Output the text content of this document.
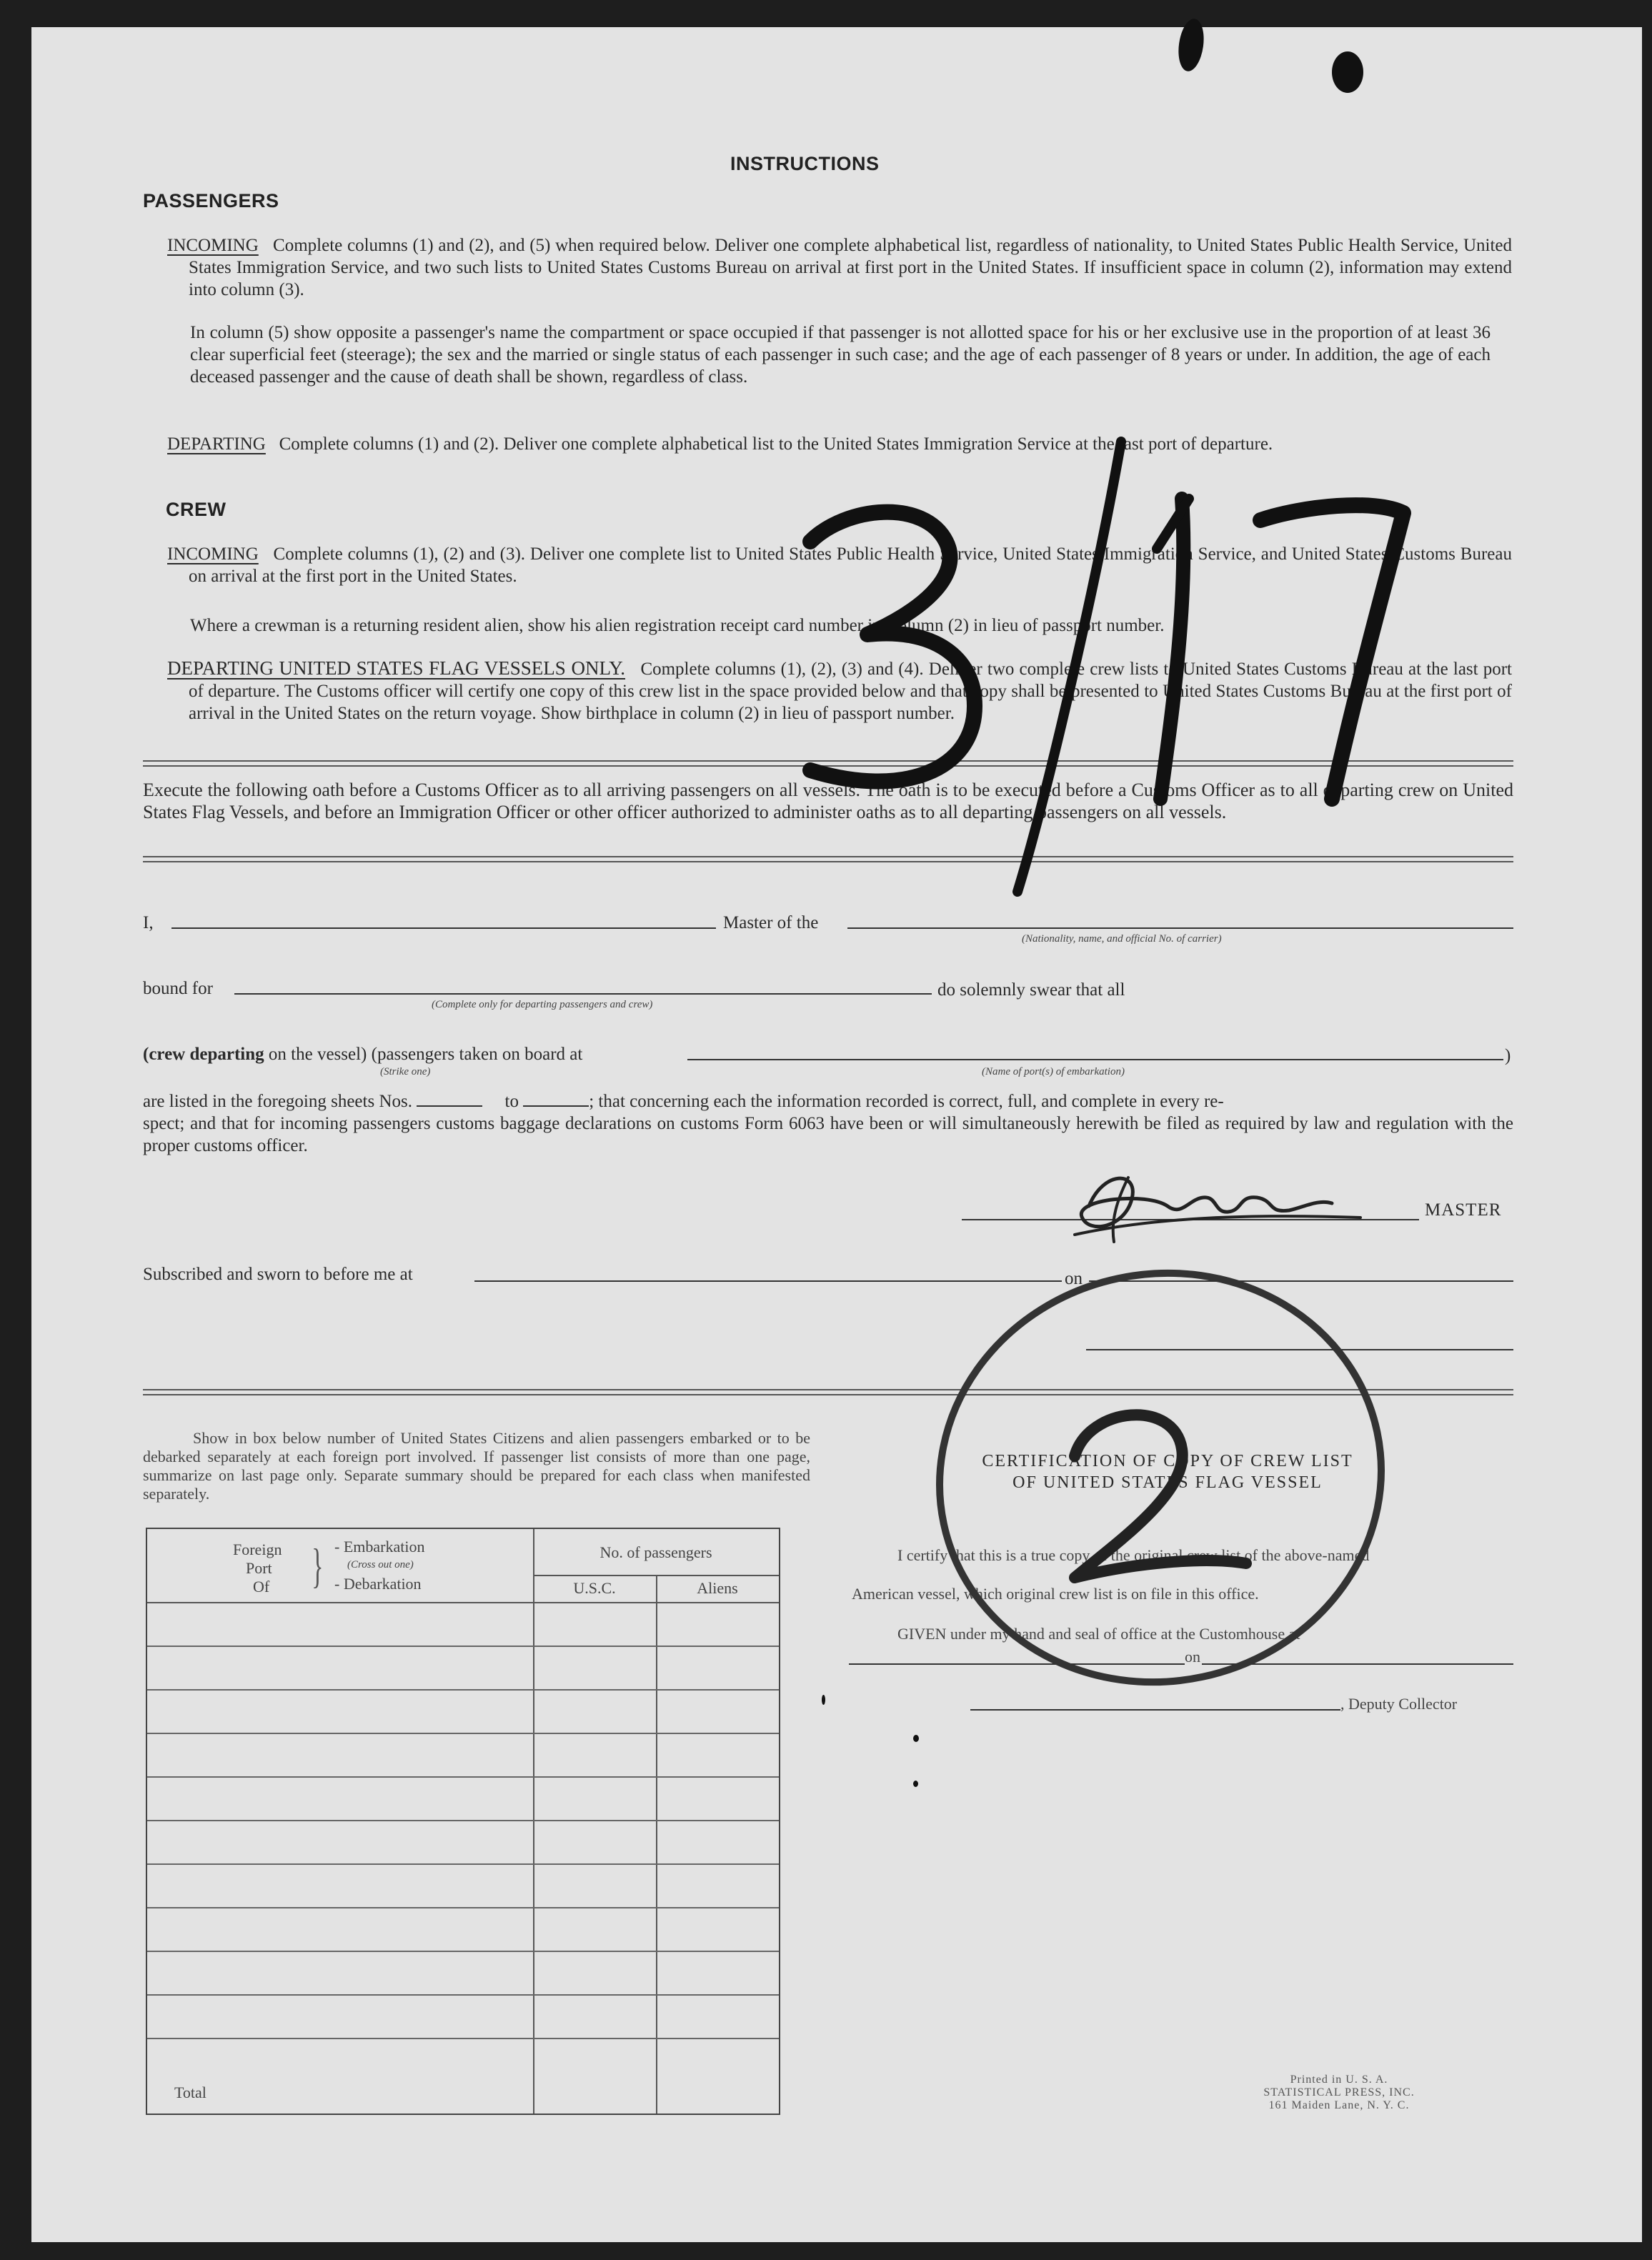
INSTRUCTIONS
PASSENGERS
INCOMING Complete columns (1) and (2), and (5) when required below. Deliver one complete alphabetical list, regardless of nationality, to United States Public Health Service, United States Immigration Service, and two such lists to United States Customs Bureau on arrival at first port in the United States. If insufficient space in column (2), information may extend into column (3).
In column (5) show opposite a passenger's name the compartment or space occupied if that passenger is not allotted space for his or her exclusive use in the proportion of at least 36 clear superficial feet (steerage); the sex and the married or single status of each passenger in such case; and the age of each passenger of 8 years or under. In addition, the age of each deceased passenger and the cause of death shall be shown, regardless of class.
DEPARTING Complete columns (1) and (2). Deliver one complete alphabetical list to the United States Immigration Service at the last port of departure.
CREW
INCOMING Complete columns (1), (2) and (3). Deliver one complete list to United States Public Health Service, United States Immigration Service, and United States Customs Bureau on arrival at the first port in the United States.
Where a crewman is a returning resident alien, show his alien registration receipt card number in Column (2) in lieu of passport number.
DEPARTING UNITED STATES FLAG VESSELS ONLY. Complete columns (1), (2), (3) and (4). Deliver two complete crew lists to United States Customs Bureau at the last port of departure. The Customs officer will certify one copy of this crew list in the space provided below and that copy shall be presented to United States Customs Bureau at the first port of arrival in the United States on the return voyage. Show birthplace in column (2) in lieu of passport number.
Execute the following oath before a Customs Officer as to all arriving passengers on all vessels. The oath is to be executed before a Customs Officer as to all departing crew on United States Flag Vessels, and before an Immigration Officer or other officer authorized to administer oaths as to all departing passengers on all vessels.
I,	Master of the
(Nationality, name, and official No. of carrier)
bound for
(Complete only for departing passengers and crew)
do solemnly swear that all
(crew departing on the vessel) (passengers taken on board at
(Strike one)
)
(Name of port(s) of embarkation)
are listed in the foregoing sheets Nos.	to	; that concerning each the information recorded is correct, full, and complete in every re-
spect; and that for incoming passengers customs baggage declarations on customs Form 6063 have been or will simultaneously herewith be filed as required by law and regulation with the proper customs officer.
MASTER
Subscribed and sworn to before me at	on
Show in box below number of United States Citizens and alien passengers embarked or to be debarked separately at each foreign port involved. If passenger list consists of more than one page, summarize on last page only. Separate summary should be prepared for each class when manifested separately.
Foreign
Port
Of } - Embarkation
(Cross out one)
- Debarkation
No. of passengers
U.S.C.	Aliens
Total
CERTIFICATION OF COPY OF CREW LIST
OF UNITED STATES FLAG VESSEL
I certify that this is a true copy of the original crew list of the above-named
American vessel, which original crew list is on file in this office.
GIVEN under my hand and seal of office at the Customhouse at
on
, Deputy Collector
Printed in U. S. A.
STATISTICAL PRESS, INC.
161 Maiden Lane, N. Y. C.
